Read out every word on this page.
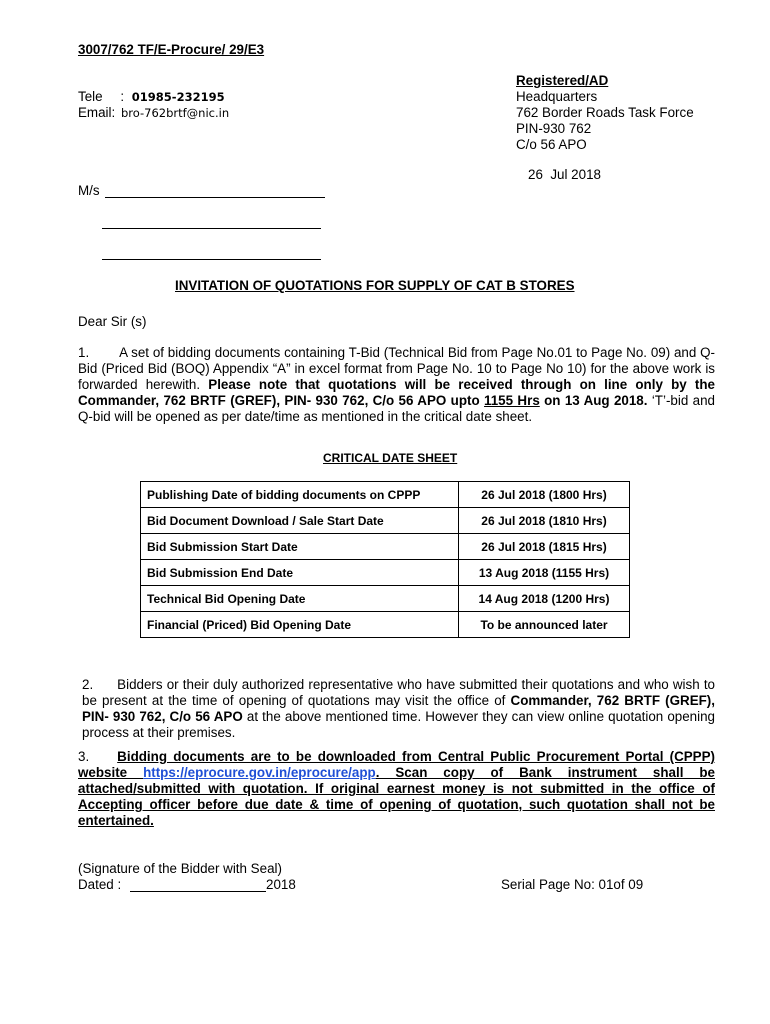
3007/762 TF/E-Procure/ 29/E3
Tele : 01985-232195
Email: bro-762brtf@nic.in
Registered/AD
Headquarters
762 Border Roads Task Force
PIN-930 762
C/o 56 APO
26  Jul 2018
M/s
INVITATION OF QUOTATIONS FOR SUPPLY OF CAT B STORES
Dear Sir (s)
1. A set of bidding documents containing T-Bid (Technical Bid from Page No.01 to Page No. 09) and Q-Bid (Priced Bid (BOQ) Appendix “A” in excel format from Page No. 10 to Page No 10) for the above work is forwarded herewith. Please note that quotations will be received through on line only by the Commander, 762 BRTF (GREF), PIN- 930 762, C/o 56 APO upto 1155 Hrs on 13 Aug 2018. ‘T’-bid and Q-bid will be opened as per date/time as mentioned in the critical date sheet.
CRITICAL DATE SHEET
Publishing Date of bidding documents on CPPP	26 Jul 2018 (1800 Hrs)
Bid Document Download / Sale Start Date	26 Jul 2018 (1810 Hrs)
Bid Submission Start Date	26 Jul 2018 (1815 Hrs)
Bid Submission End Date	13 Aug 2018 (1155 Hrs)
Technical Bid Opening Date	14 Aug 2018 (1200 Hrs)
Financial (Priced) Bid Opening Date	To be announced later
2. Bidders or their duly authorized representative who have submitted their quotations and who wish to be present at the time of opening of quotations may visit the office of Commander, 762 BRTF (GREF), PIN- 930 762, C/o 56 APO at the above mentioned time. However they can view online quotation opening process at their premises.
3. Bidding documents are to be downloaded from Central Public Procurement Portal (CPPP) website https://eprocure.gov.in/eprocure/app. Scan copy of Bank instrument shall be attached/submitted with quotation. If original earnest money is not submitted in the office of Accepting officer before due date & time of opening of quotation, such quotation shall not be entertained.
(Signature of the Bidder with Seal)
Dated :	2018	Serial Page No: 01of 09
